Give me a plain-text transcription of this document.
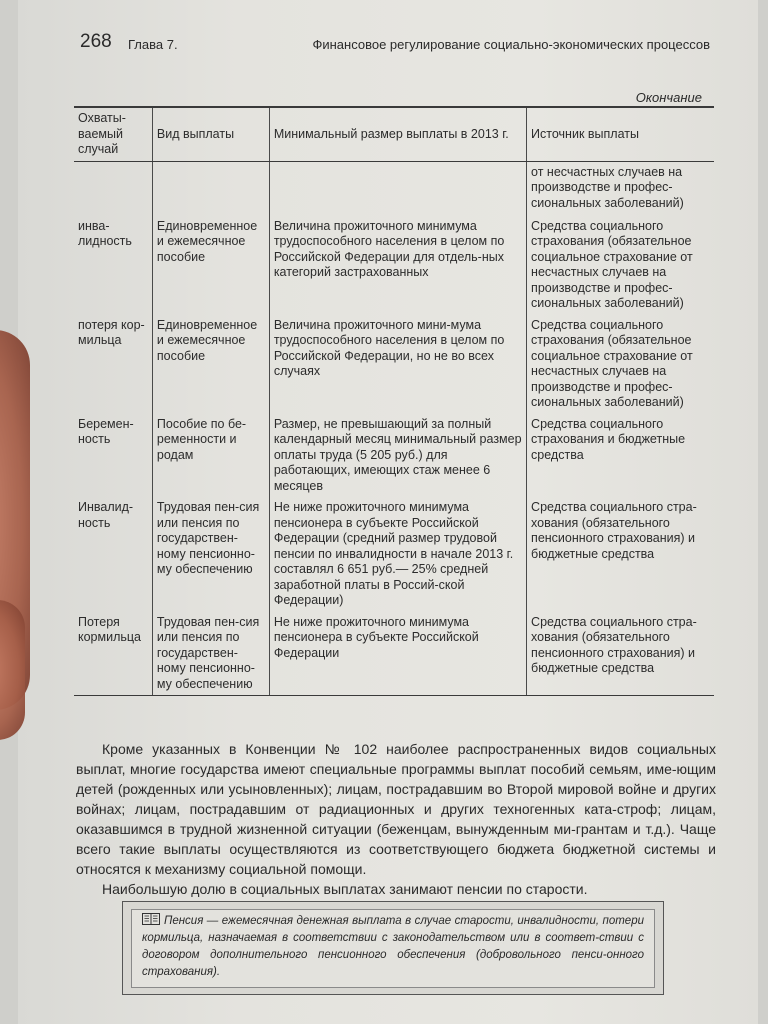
268 Глава 7.	Финансовое регулирование социально-экономических процессов
Окончание
Охваты-ваемый случай	Вид выплаты	Минимальный размер выплаты в 2013 г.	Источник выплаты
			от несчастных случаев на производстве и профес-сиональных заболеваний)
инва-лидность	Единовременное и ежемесячное пособие	Величина прожиточного минимума трудоспособного населения в целом по Российской Федерации для отдель-ных категорий застрахованных	Средства социального страхования (обязательное социальное страхование от несчастных случаев на производстве и профес-сиональных заболеваний)
потеря кор-мильца	Единовременное и ежемесячное пособие	Величина прожиточного мини-мума трудоспособного населения в целом по Российской Федерации, но не во всех случаях	Средства социального страхования (обязательное социальное страхование от несчастных случаев на производстве и профес-сиональных заболеваний)
Беремен-ность	Пособие по бе-ременности и родам	Размер, не превышающий за полный календарный месяц минимальный размер оплаты труда (5 205 руб.) для работающих, имеющих стаж менее 6 месяцев	Средства социального страхования и бюджетные средства
Инвалид-ность	Трудовая пен-сия или пенсия по государствен-ному пенсионно-му обеспечению	Не ниже прожиточного минимума пенсионера в субъекте Российской Федерации (средний размер трудовой пенсии по инвалидности в начале 2013 г. составлял 6 651 руб.— 25% средней заработной платы в Россий-ской Федерации)	Средства социального стра-хования (обязательного пенсионного страхования) и бюджетные средства
Потеря кормильца	Трудовая пен-сия или пенсия по государствен-ному пенсионно-му обеспечению	Не ниже прожиточного минимума пенсионера в субъекте Российской Федерации	Средства социального стра-хования (обязательного пенсионного страхования) и бюджетные средства

Кроме указанных в Конвенции № 102 наиболее распространенных видов социальных выплат, многие государства имеют специальные программы выплат пособий семьям, име-ющим детей (рожденных или усыновленных); лицам, пострадавшим во Второй мировой войне и других войнах; лицам, пострадавшим от радиационных и других техногенных ката-строф; лицам, оказавшимся в трудной жизненной ситуации (беженцам, вынужденным ми-грантам и т.д.). Чаще всего такие выплаты осуществляются из соответствующего бюджета бюджетной системы и относятся к механизму социальной помощи.

Наибольшую долю в социальных выплатах занимают пенсии по старости.

Пенсия — ежемесячная денежная выплата в случае старости, инвалидности, потери кормильца, назначаемая в соответствии с законодательством или в соответ-ствии с договором дополнительного пенсионного обеспечения (добровольного пенси-онного страхования).
